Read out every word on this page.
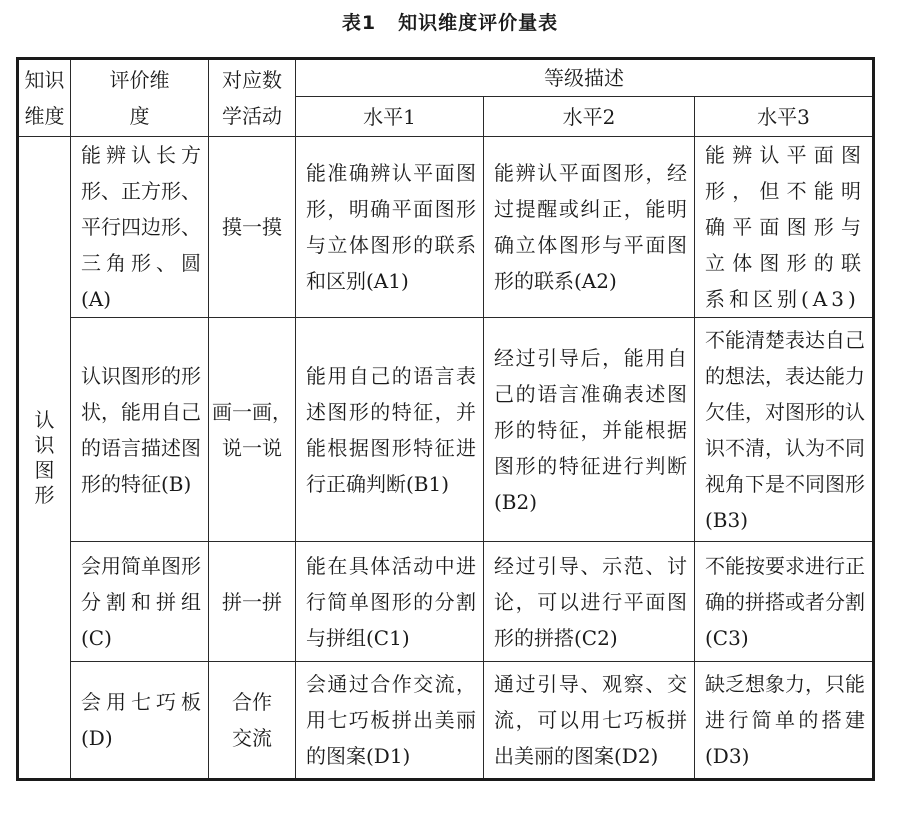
表1 知识维度评价量表
知识维度	评价维度	对应数学活动	等级描述		
			水平1	水平2	水平3

认识图形	能辨认长方形、正方形、平行四边形、三角形、圆(A)	摸一摸	能准确辨认平面图形，明确平面图形与立体图形的联系和区别(A1)	能辨认平面图形，经过提醒或纠正，能明确立体图形与平面图形的联系(A2)	能辨认平面图形，但不能明确平面图形与立体图形的联系和区别(A3)
	认识图形的形状，能用自己的语言描述图形的特征(B)	画一画，说一说	能用自己的语言表述图形的特征，并能根据图形特征进行正确判断(B1)	经过引导后，能用自己的语言准确表述图形的特征，并能根据图形的特征进行判断(B2)	不能清楚表达自己的想法，表达能力欠佳，对图形的认识不清，认为不同视角下是不同图形(B3)
	会用简单图形分割和拼组(C)	拼一拼	能在具体活动中进行简单图形的分割与拼组(C1)	经过引导、示范、讨论，可以进行平面图形的拼搭(C2)	不能按要求进行正确的拼搭或者分割(C3)
	会用七巧板(D)	合作交流	会通过合作交流，用七巧板拼出美丽的图案(D1)	通过引导、观察、交流，可以用七巧板拼出美丽的图案(D2)	缺乏想象力，只能进行简单的搭建(D3)
